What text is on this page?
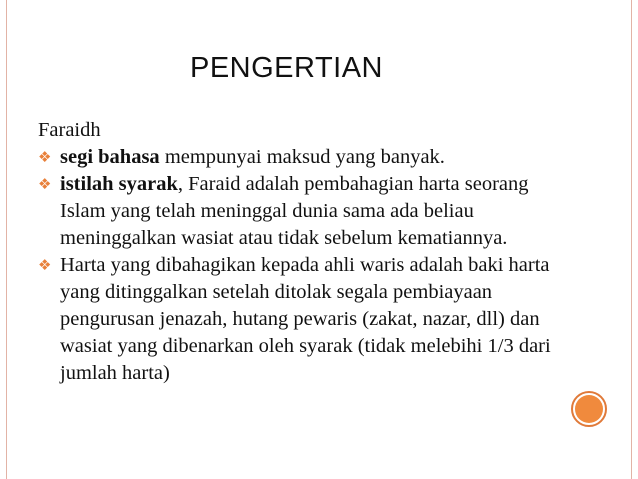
PENGERTIAN

Faraidh

❖ segi bahasa mempunyai maksud yang banyak.

❖ istilah syarak, Faraid adalah pembahagian harta seorang Islam yang telah meninggal dunia sama ada beliau meninggalkan wasiat atau tidak sebelum kematiannya.

❖ Harta yang dibahagikan kepada ahli waris adalah baki harta yang ditinggalkan setelah ditolak segala pembiayaan pengurusan jenazah, hutang pewaris (zakat, nazar, dll) dan wasiat yang dibenarkan oleh syarak (tidak melebihi 1/3 dari jumlah harta)
